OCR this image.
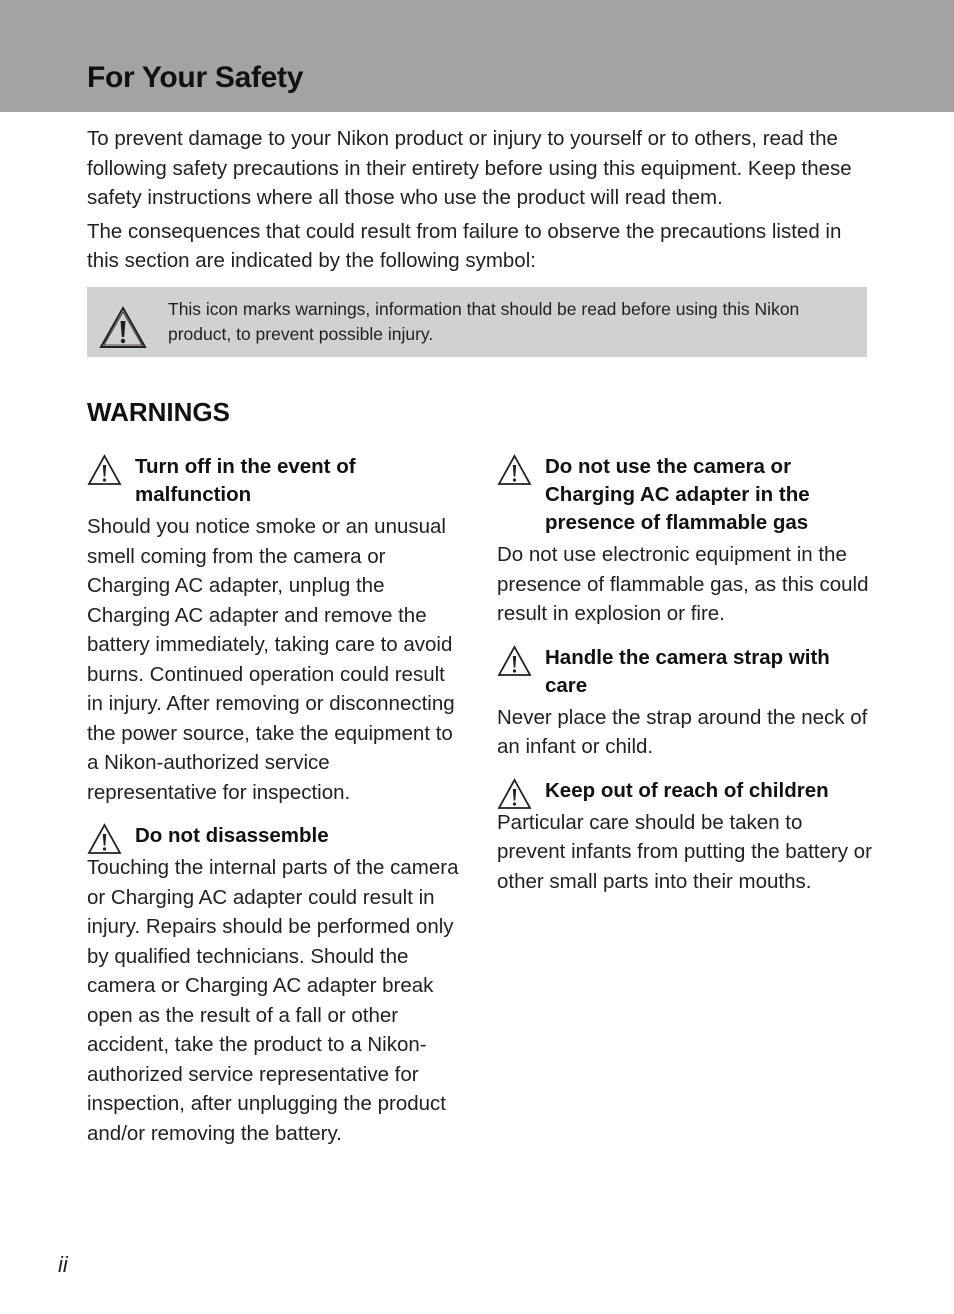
For Your Safety

To prevent damage to your Nikon product or injury to yourself or to others, read the following safety precautions in their entirety before using this equipment. Keep these safety instructions where all those who use the product will read them.

The consequences that could result from failure to observe the precautions listed in this section are indicated by the following symbol:

This icon marks warnings, information that should be read before using this Nikon product, to prevent possible injury.

WARNINGS
Turn off in the event of malfunction

Should you notice smoke or an unusual smell coming from the camera or Charging AC adapter, unplug the Charging AC adapter and remove the battery immediately, taking care to avoid burns. Continued operation could result in injury. After removing or disconnecting the power source, take the equipment to a Nikon-authorized service representative for inspection.

Do not disassemble

Touching the internal parts of the camera or Charging AC adapter could result in injury. Repairs should be performed only by qualified technicians. Should the camera or Charging AC adapter break open as the result of a fall or other accident, take the product to a Nikon-authorized service representative for inspection, after unplugging the product and/or removing the battery.

Do not use the camera or Charging AC adapter in the presence of flammable gas

Do not use electronic equipment in the presence of flammable gas, as this could result in explosion or fire.

Handle the camera strap with care

Never place the strap around the neck of an infant or child.

Keep out of reach of children

Particular care should be taken to prevent infants from putting the battery or other small parts into their mouths.

ii
